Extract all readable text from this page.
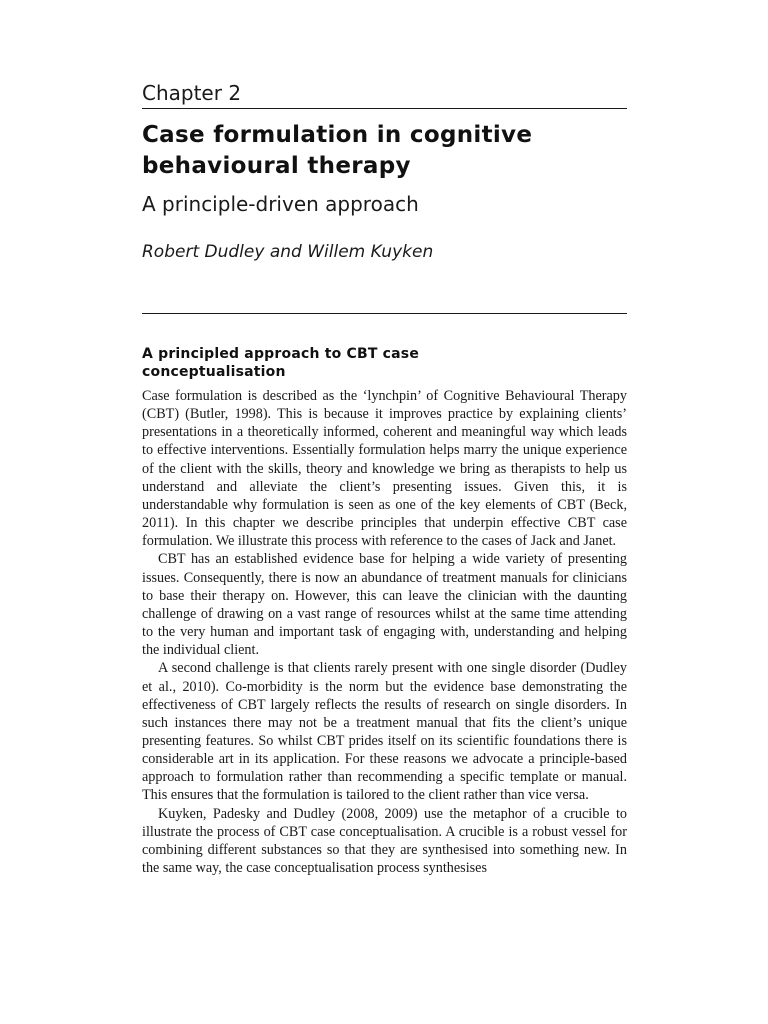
Chapter 2
Case formulation in cognitive behavioural therapy
A principle-driven approach
Robert Dudley and Willem Kuyken
A principled approach to CBT case conceptualisation

Case formulation is described as the ‘lynchpin’ of Cognitive Behavioural Therapy (CBT) (Butler, 1998). This is because it improves practice by explaining clients’ presentations in a theoretically informed, coherent and meaningful way which leads to effective interventions. Essentially formulation helps marry the unique experience of the client with the skills, theory and knowledge we bring as therapists to help us understand and alleviate the client’s presenting issues. Given this, it is understandable why formulation is seen as one of the key elements of CBT (Beck, 2011). In this chapter we describe principles that underpin effective CBT case formulation. We illustrate this process with reference to the cases of Jack and Janet.

CBT has an established evidence base for helping a wide variety of presenting issues. Consequently, there is now an abundance of treatment manuals for clinicians to base their therapy on. However, this can leave the clinician with the daunting challenge of drawing on a vast range of resources whilst at the same time attending to the very human and important task of engaging with, understanding and helping the individual client.

A second challenge is that clients rarely present with one single disorder (Dudley et al., 2010). Co-morbidity is the norm but the evidence base demonstrating the effectiveness of CBT largely reflects the results of research on single disorders. In such instances there may not be a treatment manual that fits the client’s unique presenting features. So whilst CBT prides itself on its scientific foundations there is considerable art in its application. For these reasons we advocate a principle-based approach to formulation rather than recommending a specific template or manual. This ensures that the formulation is tailored to the client rather than vice versa.

Kuyken, Padesky and Dudley (2008, 2009) use the metaphor of a crucible to illustrate the process of CBT case conceptualisation. A crucible is a robust vessel for combining different substances so that they are synthesised into something new. In the same way, the case conceptualisation process synthesises
